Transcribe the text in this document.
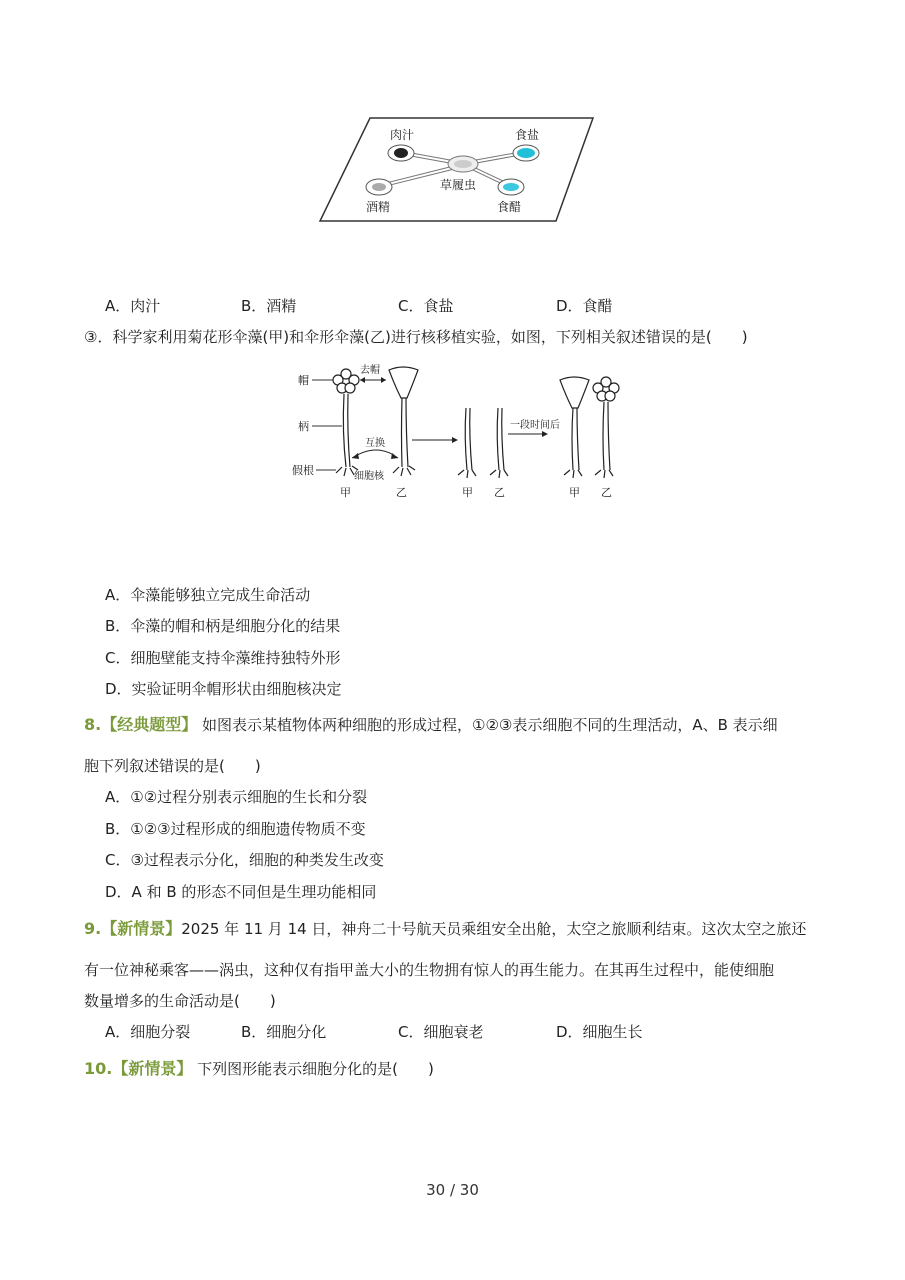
肉汁	食盐
草履虫
酒精	食醋
A．肉汁	B．酒精	C．食盐	D．食醋
③．科学家利用菊花形伞藻(甲)和伞形伞藻(乙)进行核移植实验，如图，下列相关叙述错误的是(　　)
帽
柄
假根
去帽
互换
细胞核
甲	乙	甲 乙
一段时间后
甲 乙
A．伞藻能够独立完成生命活动
B．伞藻的帽和柄是细胞分化的结果
C．细胞壁能支持伞藻维持独特外形
D．实验证明伞帽形状由细胞核决定
8.【经典题型】 如图表示某植物体两种细胞的形成过程，①②③表示细胞不同的生理活动，A、B 表示细
胞下列叙述错误的是(　　)
A．①②过程分别表示细胞的生长和分裂
B．①②③过程形成的细胞遗传物质不变
C．③过程表示分化，细胞的种类发生改变
D．A 和 B 的形态不同但是生理功能相同
9.【新情景】2025 年 11 月 14 日，神舟二十号航天员乘组安全出舱，太空之旅顺利结束。这次太空之旅还
有一位神秘乘客——涡虫，这种仅有指甲盖大小的生物拥有惊人的再生能力。在其再生过程中，能使细胞
数量增多的生命活动是(　　)
A．细胞分裂	B．细胞分化	C．细胞衰老	D．细胞生长
10.【新情景】 下列图形能表示细胞分化的是(　　)
30 / 30
